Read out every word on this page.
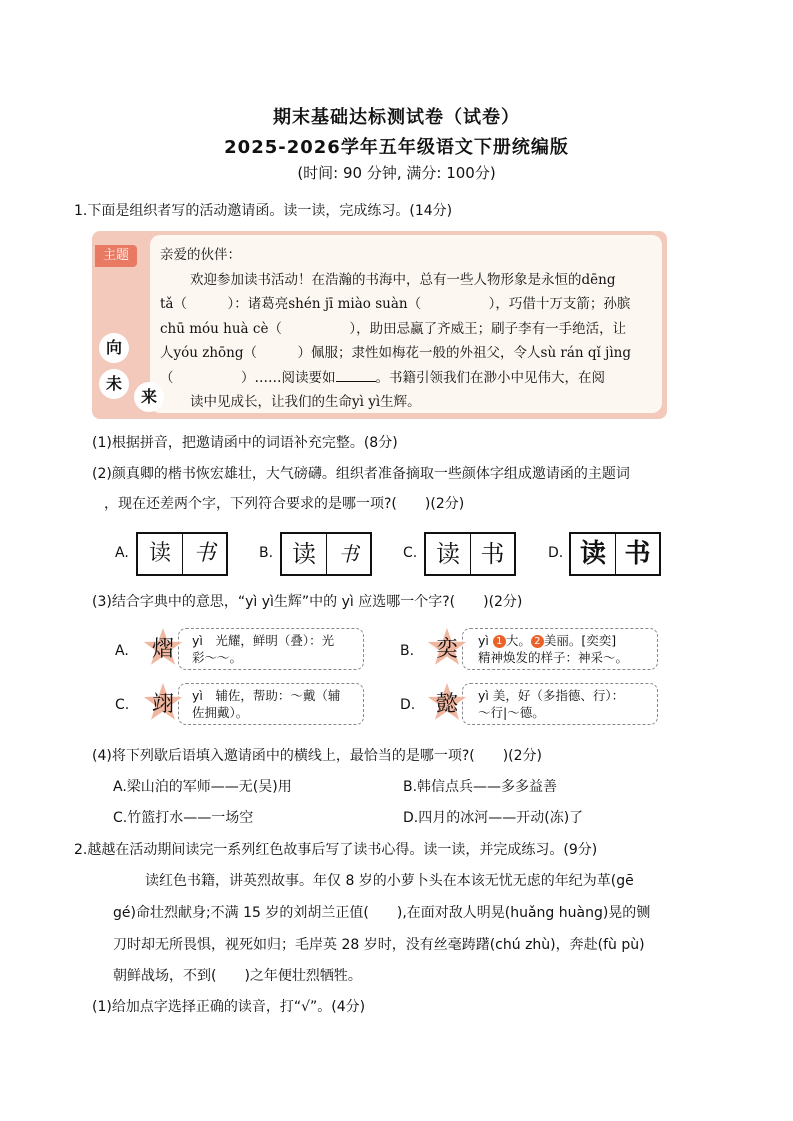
期末基础达标测试卷（试卷）
2025-2026学年五年级语文下册统编版
(时间: 90 分钟, 满分: 100分)
1.下面是组织者写的活动邀请函。读一读，完成练习。(14分)
主题
向
未
来
亲爱的伙伴：
欢迎参加读书活动！在浩瀚的书海中，总有一些人物形象是永恒的dēng
tǎ（　　　）：诸葛亮shén jī miào suàn（　　　　　），巧借十万支箭；孙膑
chū móu huà cè（　　　　　），助田忌赢了齐威王；刷子李有一手绝活，让
人yóu zhōng（　　　）佩服；隶性如梅花一般的外祖父，令人sù rán qǐ jìng
（　　　　　）……阅读要如	。书籍引领我们在渺小中见伟大，在阅
读中见成长，让我们的生命yì yì生辉。
(1)根据拼音，把邀请函中的词语补充完整。(8分)
(2)颜真卿的楷书恢宏雄壮，大气磅礴。组织者准备摘取一些颜体字组成邀请函的主题词
，现在还差两个字，下列符合要求的是哪一项?(　　)(2分)
A. 读	书	B. 读	书	C. 读 书	D. 读 书
(3)结合字典中的意思，“yì yì生辉”中的 yì 应选哪一个字?(　　)(2分)
A.	熠	yì　光耀，鲜明（叠）：光
彩～～。	B. 奕	yì 1 大。 2 美丽。[奕奕]
精神焕发的样子：神采～。
C.	翊	yì　辅佐，帮助：～戴（辅
佐拥戴）。	D. 懿	yì 美，好（多指德、行）：
～行|～德。
(4)将下列歇后语填入邀请函中的横线上，最恰当的是哪一项?(　　)(2分)
A.梁山泊的军师——无(吴)用	B.韩信点兵——多多益善
C.竹篮打水——一场空	D.四月的冰河——开动(冻)了
2.越越在活动期间读完一系列红色故事后写了读书心得。读一读，并完成练习。(9分)
读红色书籍，讲英烈故事。年仅 8 岁的小萝卜头在本该无忧无虑的年纪为革(gē
gé)命壮烈献身;不满 15 岁的刘胡兰正值(　　),在面对敌人明晃(huǎng huàng)晃的铡
刀时却无所畏惧，视死如归；毛岸英 28 岁时，没有丝毫踌躇(chú zhù)，奔赴(fù pù)
朝鲜战场，不到(　　)之年便壮烈牺牲。
(1)给加点字选择正确的读音，打“√”。(4分)
